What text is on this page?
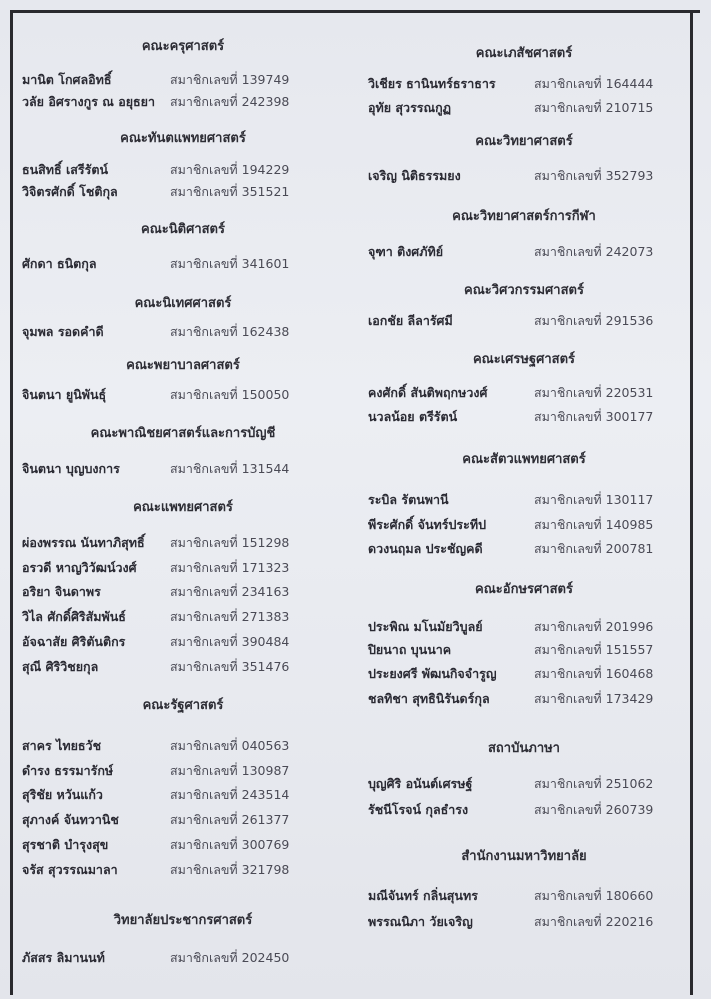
คณะครุศาสตร์
มานิต โกศลอิทธิ์	สมาชิกเลขที่ 139749
วลัย อิศรางกูร ณ อยุธยา สมาชิกเลขที่ 242398
คณะทันตแพทยศาสตร์
ธนสิทธิ์ เสรีรัตน์	สมาชิกเลขที่ 194229
วิจิตรศักดิ์ โชติกุล	สมาชิกเลขที่ 351521
คณะนิติศาสตร์
ศักดา ธนิตกุล	สมาชิกเลขที่ 341601
คณะนิเทศศาสตร์
จุมพล รอดคำดี	สมาชิกเลขที่ 162438
คณะพยาบาลศาสตร์
จินตนา ยูนิพันธุ์	สมาชิกเลขที่ 150050
คณะพาณิชยศาสตร์และการบัญชี
จินตนา บุญบงการ	สมาชิกเลขที่ 131544
คณะแพทยศาสตร์
ผ่องพรรณ นันทาภิสุทธิ์ สมาชิกเลขที่ 151298
อรวดี หาญวิวัฒน์วงศ์	สมาชิกเลขที่ 171323
อริยา จินดาพร	สมาชิกเลขที่ 234163
วิไล ศักดิ์ศิริสัมพันธ์	สมาชิกเลขที่ 271383
อัจฉาสัย ศิริตันติกร	สมาชิกเลขที่ 390484
สุณี ศิริวิชยกุล	สมาชิกเลขที่ 351476
คณะรัฐศาสตร์
สาคร ไทยธวัช	สมาชิกเลขที่ 040563
ดำรง ธรรมารักษ์	สมาชิกเลขที่ 130987
สุริชัย หวันแก้ว	สมาชิกเลขที่ 243514
สุภางค์ จันทวานิช	สมาชิกเลขที่ 261377
สุรชาติ บำรุงสุข	สมาชิกเลขที่ 300769
จรัส สุวรรณมาลา	สมาชิกเลขที่ 321798
วิทยาลัยประชากรศาสตร์
ภัสสร ลิมานนท์	สมาชิกเลขที่ 202450
คณะเภสัชศาสตร์
วิเชียร ธานินทร์ธราธาร	สมาชิกเลขที่ 164444
อุทัย สุวรรณกูฏ	สมาชิกเลขที่ 210715
คณะวิทยาศาสตร์
เจริญ นิติธรรมยง	สมาชิกเลขที่ 352793
คณะวิทยาศาสตร์การกีฬา
จุฑา ติงศภัทิย์	สมาชิกเลขที่ 242073
คณะวิศวกรรมศาสตร์
เอกชัย ลีลารัศมี	สมาชิกเลขที่ 291536
คณะเศรษฐศาสตร์
คงศักดิ์ สันติพฤกษวงศ์	สมาชิกเลขที่ 220531
นวลน้อย ตรีรัตน์	สมาชิกเลขที่ 300177
คณะสัตวแพทยศาสตร์
ระบิล รัตนพานี	สมาชิกเลขที่ 130117
พีระศักดิ์ จันทร์ประทีป	สมาชิกเลขที่ 140985
ดวงนฤมล ประชัญคดี	สมาชิกเลขที่ 200781
คณะอักษรศาสตร์
ประพิณ มโนมัยวิบูลย์	สมาชิกเลขที่ 201996
ปิยนาถ บุนนาค	สมาชิกเลขที่ 151557
ประยงศรี พัฒนกิจจำรูญ	สมาชิกเลขที่ 160468
ชลทิชา สุทธินิรันดร์กุล	สมาชิกเลขที่ 173429
สถาบันภาษา
บุญศิริ อนันต์เศรษฐ์	สมาชิกเลขที่ 251062
รัชนีโรจน์ กุลธำรง	สมาชิกเลขที่ 260739
สำนักงานมหาวิทยาลัย
มณีจันทร์ กลิ่นสุนทร	สมาชิกเลขที่ 180660
พรรณนิภา วัยเจริญ	สมาชิกเลขที่ 220216
